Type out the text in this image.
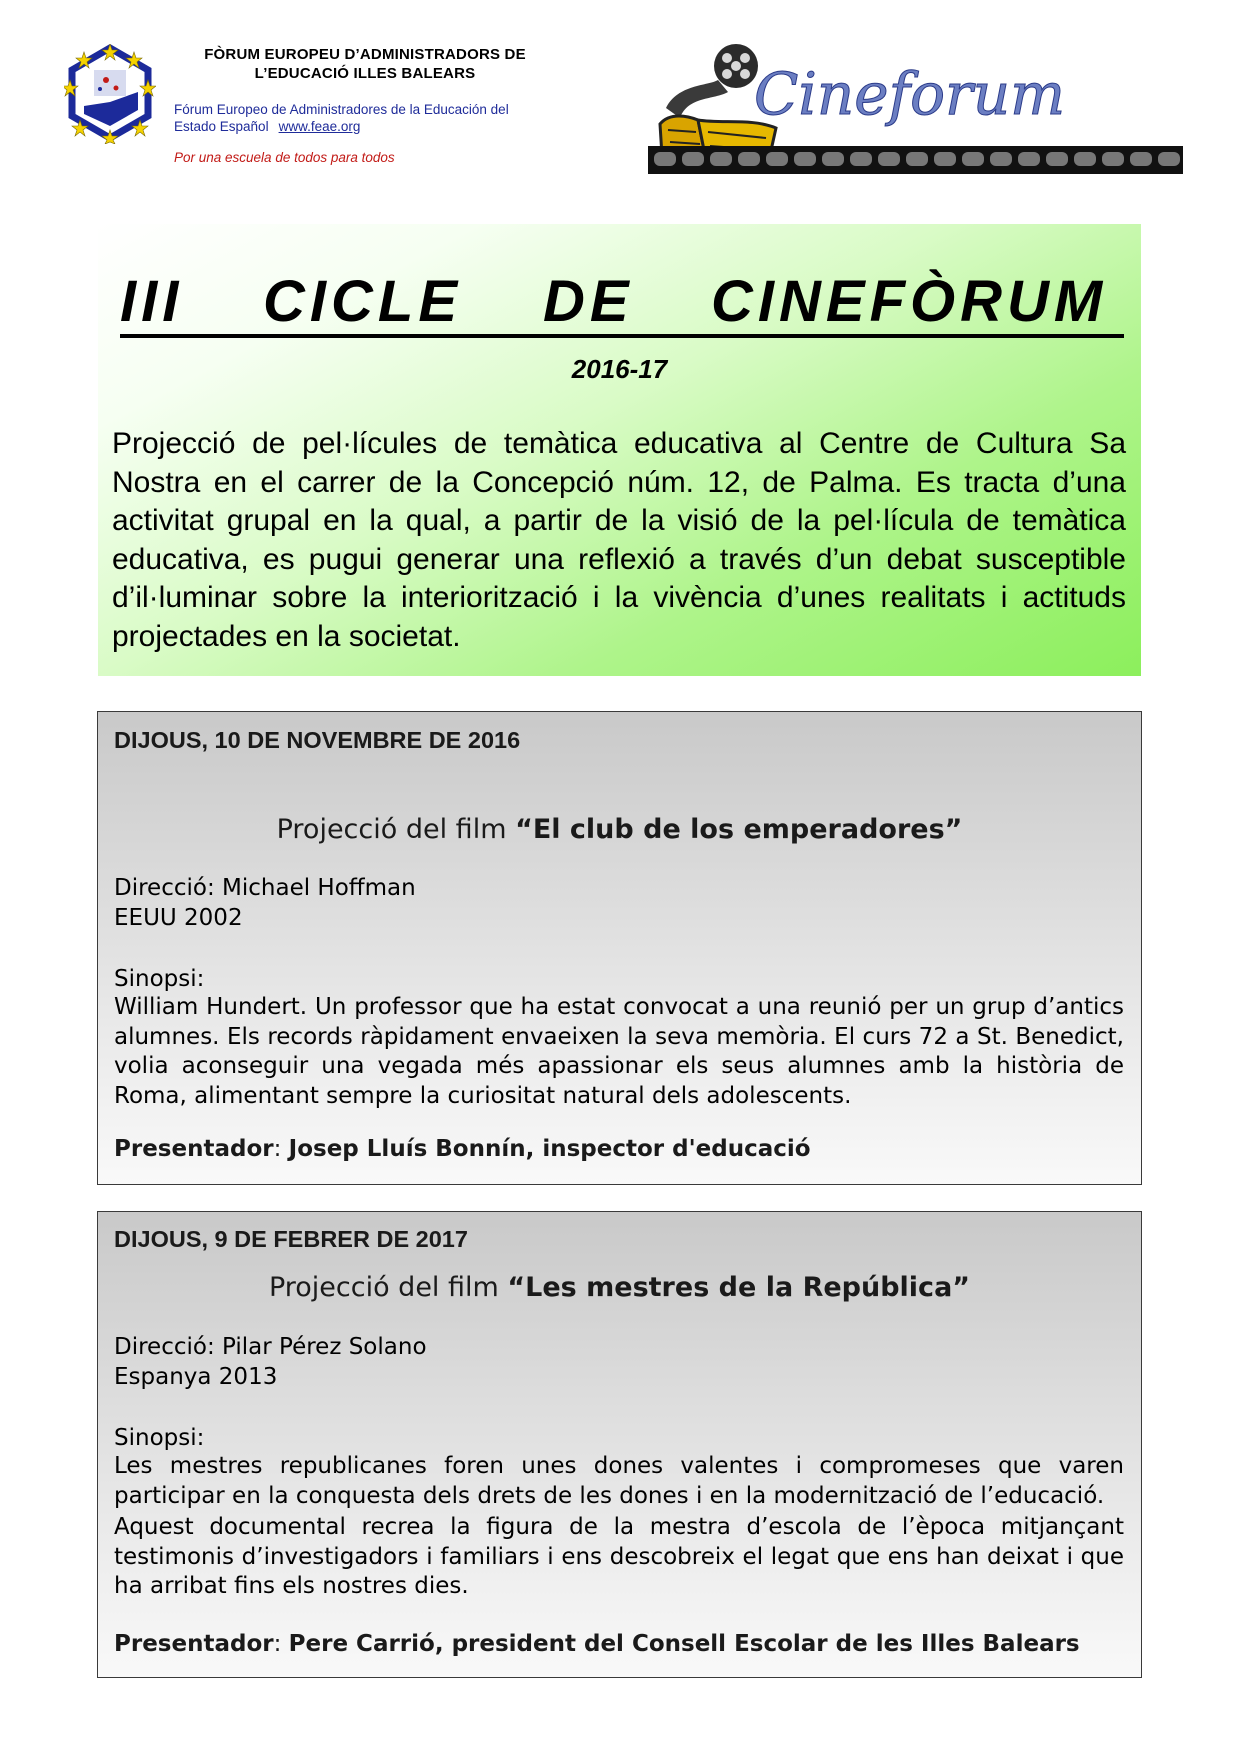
FÒRUM EUROPEU D’ADMINISTRADORS DE
L’EDUCACIÓ ILLES BALEARS
Fórum Europeo de Administradores de la Educación del
Estado Español www.feae.org
Por una escuela de todos para todos
Cineforum
III CICLE DE CINEFÒRUM
2016-17
Projecció de pel·lícules de temàtica educativa al Centre de Cultura Sa Nostra en el carrer de la Concepció núm. 12, de Palma. Es tracta d’una activitat grupal en la qual, a partir de la visió de la pel·lícula de temàtica educativa, es pugui generar una reflexió a través d’un debat susceptible d’il·luminar sobre la interiorització i la vivència d’unes realitats i actituds projectades en la societat.
DIJOUS, 10 DE NOVEMBRE DE 2016
Projecció del film “El club de los emperadores”
Direcció: Michael Hoffman
EEUU 2002
Sinopsi:
William Hundert. Un professor que ha estat convocat a una reunió per un grup d’antics alumnes. Els records ràpidament envaeixen la seva memòria. El curs 72 a St. Benedict, volia aconseguir una vegada més apassionar els seus alumnes amb la història de Roma, alimentant sempre la curiositat natural dels adolescents.
Presentador: Josep Lluís Bonnín, inspector d'educació
DIJOUS, 9 DE FEBRER DE 2017
Projecció del film “Les mestres de la República”
Direcció: Pilar Pérez Solano
Espanya 2013
Sinopsi:
Les mestres republicanes foren unes dones valentes i compromeses que varen participar en la conquesta dels drets de les dones i en la modernització de l’educació.
Aquest documental recrea la figura de la mestra d’escola de l’època mitjançant testimonis d’investigadors i familiars i ens descobreix el legat que ens han deixat i que ha arribat fins els nostres dies.
Presentador: Pere Carrió, president del Consell Escolar de les Illes Balears
